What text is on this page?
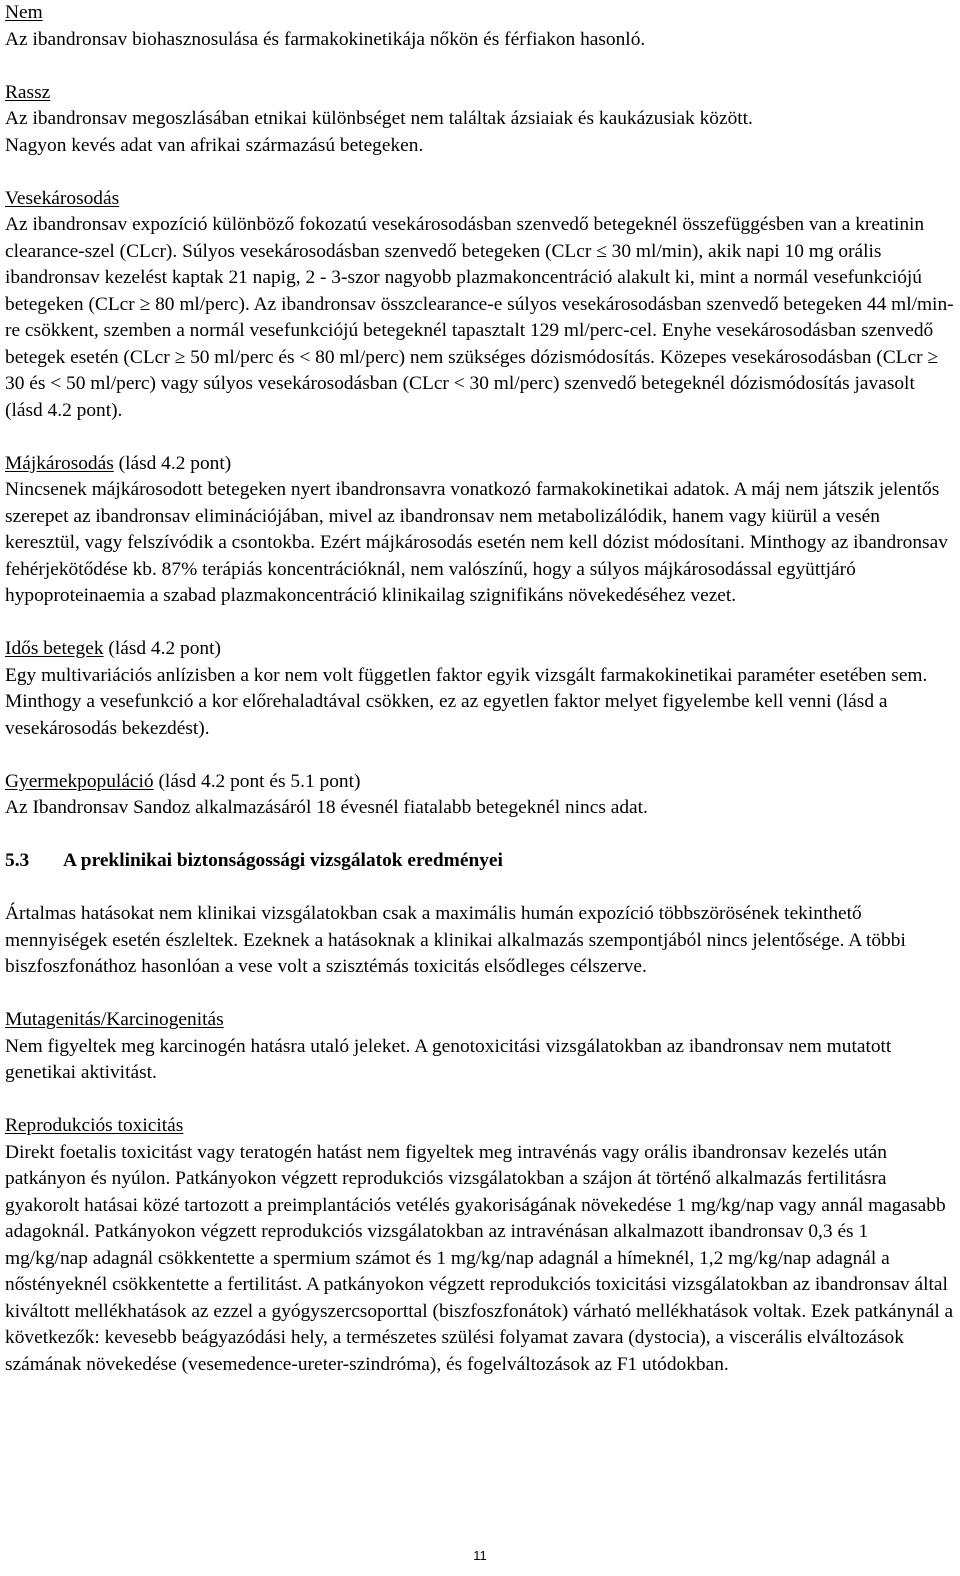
Nem

Az ibandronsav biohasznosulása és farmakokinetikája nőkön és férfiakon hasonló.

Rassz

Az ibandronsav megoszlásában etnikai különbséget nem találtak ázsiaiak és kaukázusiak között.

Nagyon kevés adat van afrikai származású betegeken.

Vesekárosodás

Az ibandronsav expozíció különböző fokozatú vesekárosodásban szenvedő betegeknél összefüggésben van a kreatinin clearance-szel (CLcr). Súlyos vesekárosodásban szenvedő betegeken (CLcr ≤ 30 ml/min), akik napi 10 mg orális ibandronsav kezelést kaptak 21 napig, 2 - 3-szor nagyobb plazmakoncentráció alakult ki, mint a normál vesefunkciójú betegeken (CLcr ≥ 80 ml/perc). Az ibandronsav összclearance-e súlyos vesekárosodásban szenvedő betegeken 44 ml/min-re csökkent, szemben a normál vesefunkciójú betegeknél tapasztalt 129 ml/perc-cel. Enyhe vesekárosodásban szenvedő betegek esetén (CLcr ≥ 50 ml/perc és < 80 ml/perc) nem szükséges dózismódosítás. Közepes vesekárosodásban (CLcr ≥ 30 és < 50 ml/perc) vagy súlyos vesekárosodásban (CLcr < 30 ml/perc) szenvedő betegeknél dózismódosítás javasolt (lásd 4.2 pont).

Májkárosodás (lásd 4.2 pont)

Nincsenek májkárosodott betegeken nyert ibandronsavra vonatkozó farmakokinetikai adatok. A máj nem játszik jelentős szerepet az ibandronsav eliminációjában, mivel az ibandronsav nem metabolizálódik, hanem vagy kiürül a vesén keresztül, vagy felszívódik a csontokba. Ezért májkárosodás esetén nem kell dózist módosítani. Minthogy az ibandronsav fehérjekötődése kb. 87% terápiás koncentrációknál, nem valószínű, hogy a súlyos májkárosodással együttjáró hypoproteinaemia a szabad plazmakoncentráció klinikailag szignifikáns növekedéséhez vezet.

Idős betegek (lásd 4.2 pont)

Egy multivariációs anlízisben a kor nem volt független faktor egyik vizsgált farmakokinetikai paraméter esetében sem. Minthogy a vesefunkció a kor előrehaladtával csökken, ez az egyetlen faktor melyet figyelembe kell venni (lásd a vesekárosodás bekezdést).

Gyermekpopuláció (lásd 4.2 pont és 5.1 pont)

Az Ibandronsav Sandoz alkalmazásáról 18 évesnél fiatalabb betegeknél nincs adat.

5.3 A preklinikai biztonságossági vizsgálatok eredményei

Ártalmas hatásokat nem klinikai vizsgálatokban csak a maximális humán expozíció többszörösének tekinthető mennyiségek esetén észleltek. Ezeknek a hatásoknak a klinikai alkalmazás szempontjából nincs jelentősége. A többi biszfoszfonáthoz hasonlóan a vese volt a szisztémás toxicitás elsődleges célszerve.

Mutagenitás/Karcinogenitás

Nem figyeltek meg karcinogén hatásra utaló jeleket. A genotoxicitási vizsgálatokban az ibandronsav nem mutatott genetikai aktivitást.

Reprodukciós toxicitás

Direkt foetalis toxicitást vagy teratogén hatást nem figyeltek meg intravénás vagy orális ibandronsav kezelés után patkányon és nyúlon. Patkányokon végzett reprodukciós vizsgálatokban a szájon át történő alkalmazás fertilitásra gyakorolt hatásai közé tartozott a preimplantációs vetélés gyakoriságának növekedése 1 mg/kg/nap vagy annál magasabb adagoknál. Patkányokon végzett reprodukciós vizsgálatokban az intravénásan alkalmazott ibandronsav 0,3 és 1 mg/kg/nap adagnál csökkentette a spermium számot és 1 mg/kg/nap adagnál a hímeknél, 1,2 mg/kg/nap adagnál a nőstényeknél csökkentette a fertilitást. A patkányokon végzett reprodukciós toxicitási vizsgálatokban az ibandronsav által kiváltott mellékhatások az ezzel a gyógyszercsoporttal (biszfoszfonátok) várható mellékhatások voltak. Ezek patkánynál a következők: kevesebb beágyazódási hely, a természetes szülési folyamat zavara (dystocia), a viscerális elváltozások számának növekedése (vesemedence-ureter-szindróma), és fogelváltozások az F1 utódokban.

11
